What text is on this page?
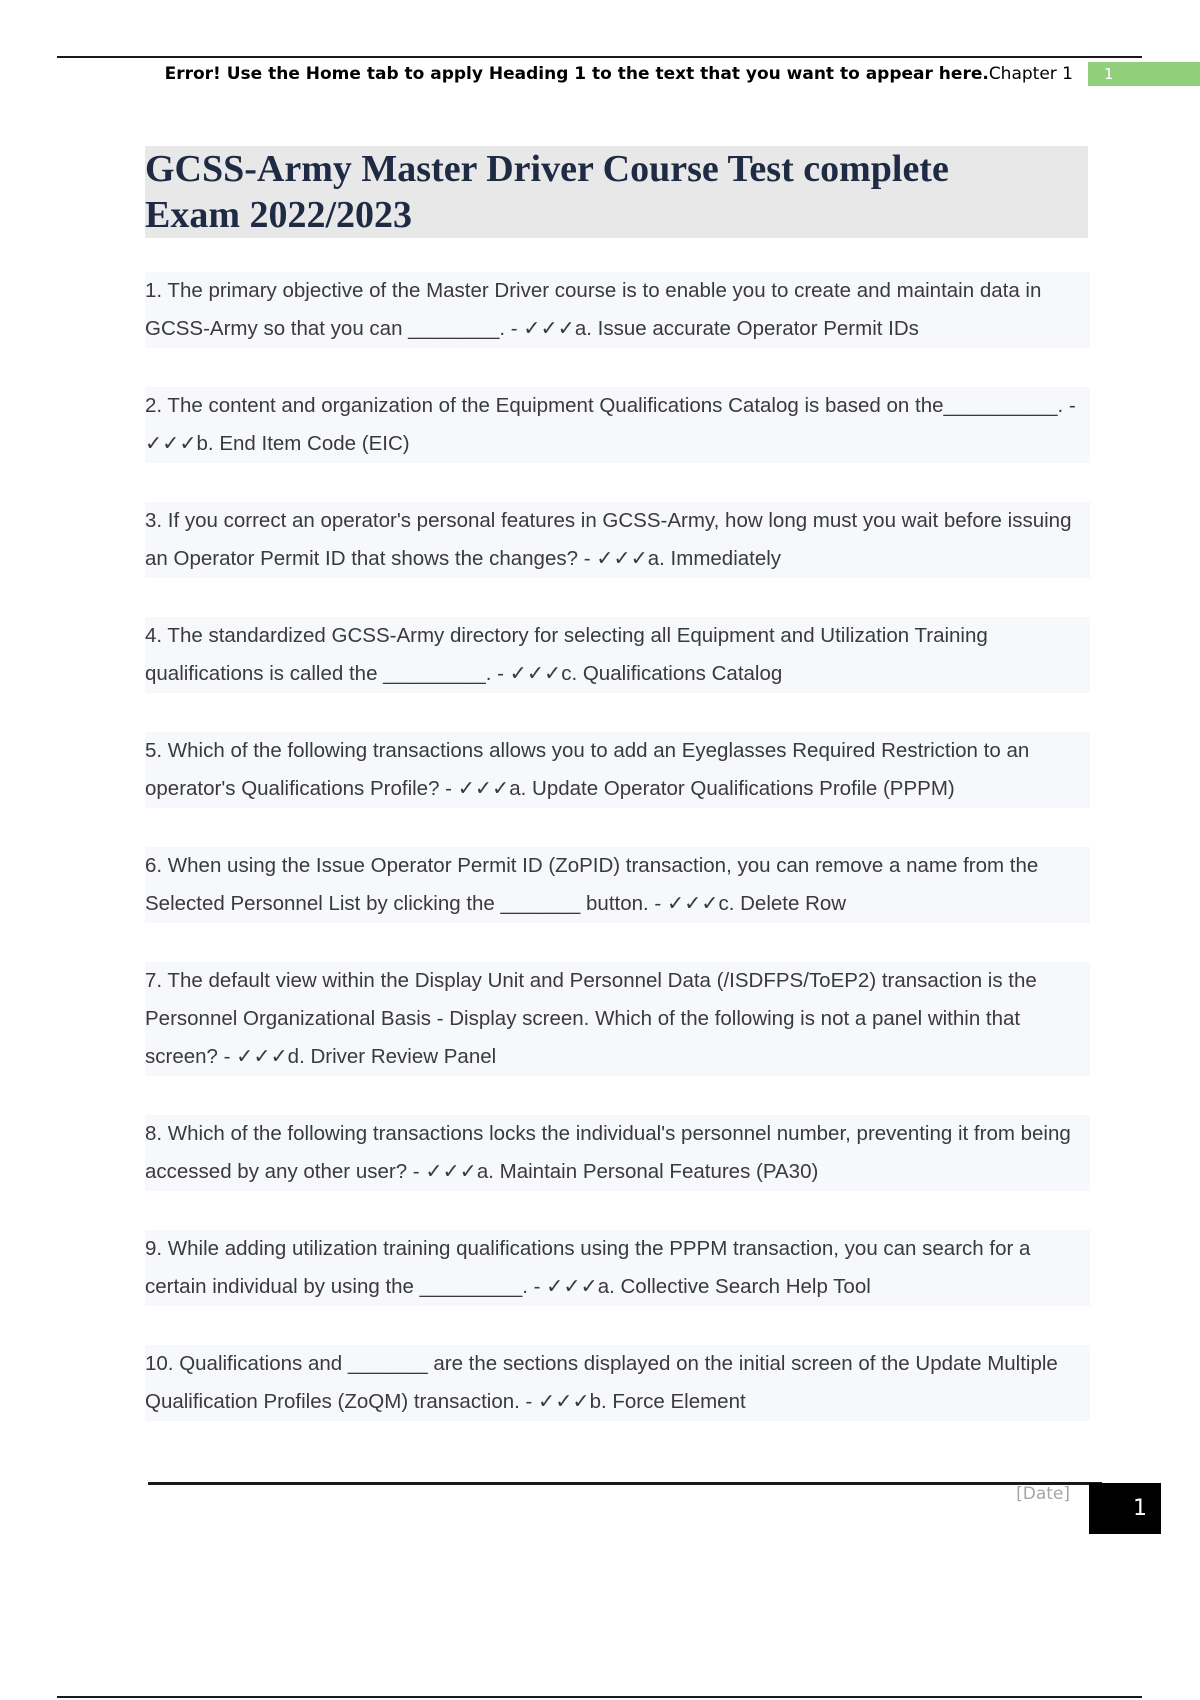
Error! Use the Home tab to apply Heading 1 to the text that you want to appear here.Chapter 1	1
GCSS-Army Master Driver Course Test complete
Exam 2022/2023

1. The primary objective of the Master Driver course is to enable you to create and maintain data in GCSS-Army so that you can ________. - ✓✓✓a. Issue accurate Operator Permit IDs

2. The content and organization of the Equipment Qualifications Catalog is based on the__________. - ✓✓✓b. End Item Code (EIC)

3. If you correct an operator's personal features in GCSS-Army, how long must you wait before issuing an Operator Permit ID that shows the changes? - ✓✓✓a. Immediately

4. The standardized GCSS-Army directory for selecting all Equipment and Utilization Training qualifications is called the _________. - ✓✓✓c. Qualifications Catalog

5. Which of the following transactions allows you to add an Eyeglasses Required Restriction to an operator's Qualifications Profile? - ✓✓✓a. Update Operator Qualifications Profile (PPPM)

6. When using the Issue Operator Permit ID (ZoPID) transaction, you can remove a name from the Selected Personnel List by clicking the _______ button. - ✓✓✓c. Delete Row

7. The default view within the Display Unit and Personnel Data (/ISDFPS/ToEP2) transaction is the Personnel Organizational Basis - Display screen. Which of the following is not a panel within that screen? - ✓✓✓d. Driver Review Panel

8. Which of the following transactions locks the individual's personnel number, preventing it from being accessed by any other user? - ✓✓✓a. Maintain Personal Features (PA30)

9. While adding utilization training qualifications using the PPPM transaction, you can search for a certain individual by using the _________. - ✓✓✓a. Collective Search Help Tool

10. Qualifications and _______ are the sections displayed on the initial screen of the Update Multiple Qualification Profiles (ZoQM) transaction. - ✓✓✓b. Force Element

[Date]
1
